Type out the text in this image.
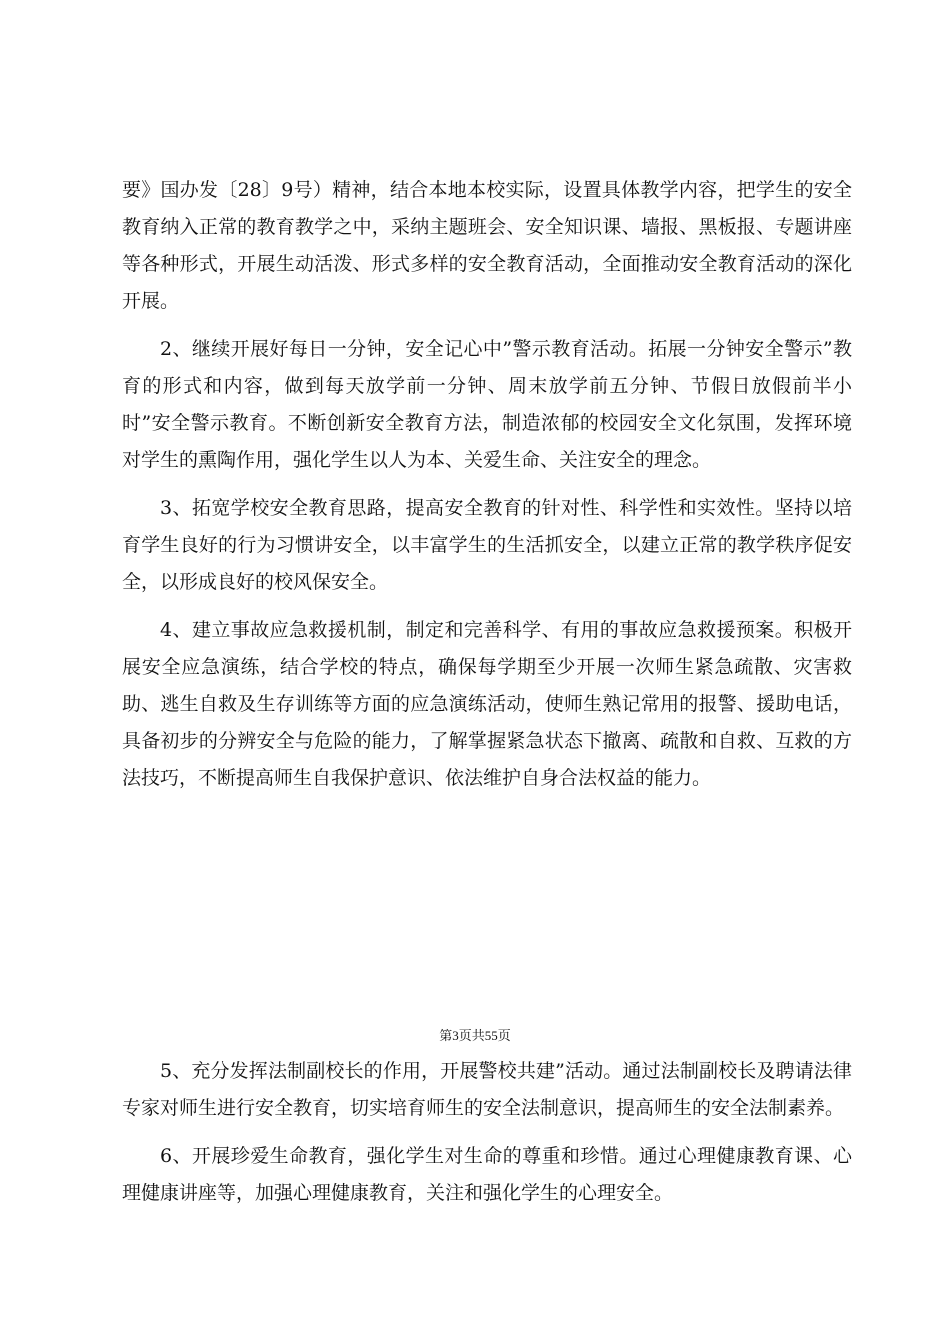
要》国办发〔28〕9号）精神，结合本地本校实际，设置具体教学内容，把学生的安全教育纳入正常的教育教学之中，采纳主题班会、安全知识课、墙报、黑板报、专题讲座等各种形式，开展生动活泼、形式多样的安全教育活动，全面推动安全教育活动的深化开展。

2、继续开展好每日一分钟，安全记心中”警示教育活动。拓展一分钟安全警示”教育的形式和内容，做到每天放学前一分钟、周末放学前五分钟、节假日放假前半小时”安全警示教育。不断创新安全教育方法，制造浓郁的校园安全文化氛围，发挥环境对学生的熏陶作用，强化学生以人为本、关爱生命、关注安全的理念。

3、拓宽学校安全教育思路，提高安全教育的针对性、科学性和实效性。坚持以培育学生良好的行为习惯讲安全，以丰富学生的生活抓安全，以建立正常的教学秩序促安全，以形成良好的校风保安全。

4、建立事故应急救援机制，制定和完善科学、有用的事故应急救援预案。积极开展安全应急演练，结合学校的特点，确保每学期至少开展一次师生紧急疏散、灾害救助、逃生自救及生存训练等方面的应急演练活动，使师生熟记常用的报警、援助电话，具备初步的分辨安全与危险的能力，了解掌握紧急状态下撤离、疏散和自救、互救的方法技巧，不断提高师生自我保护意识、依法维护自身合法权益的能力。

第3页共55页

5、充分发挥法制副校长的作用，开展警校共建”活动。通过法制副校长及聘请法律专家对师生进行安全教育，切实培育师生的安全法制意识，提高师生的安全法制素养。

6、开展珍爱生命教育，强化学生对生命的尊重和珍惜。通过心理健康教育课、心理健康讲座等，加强心理健康教育，关注和强化学生的心理安全。
